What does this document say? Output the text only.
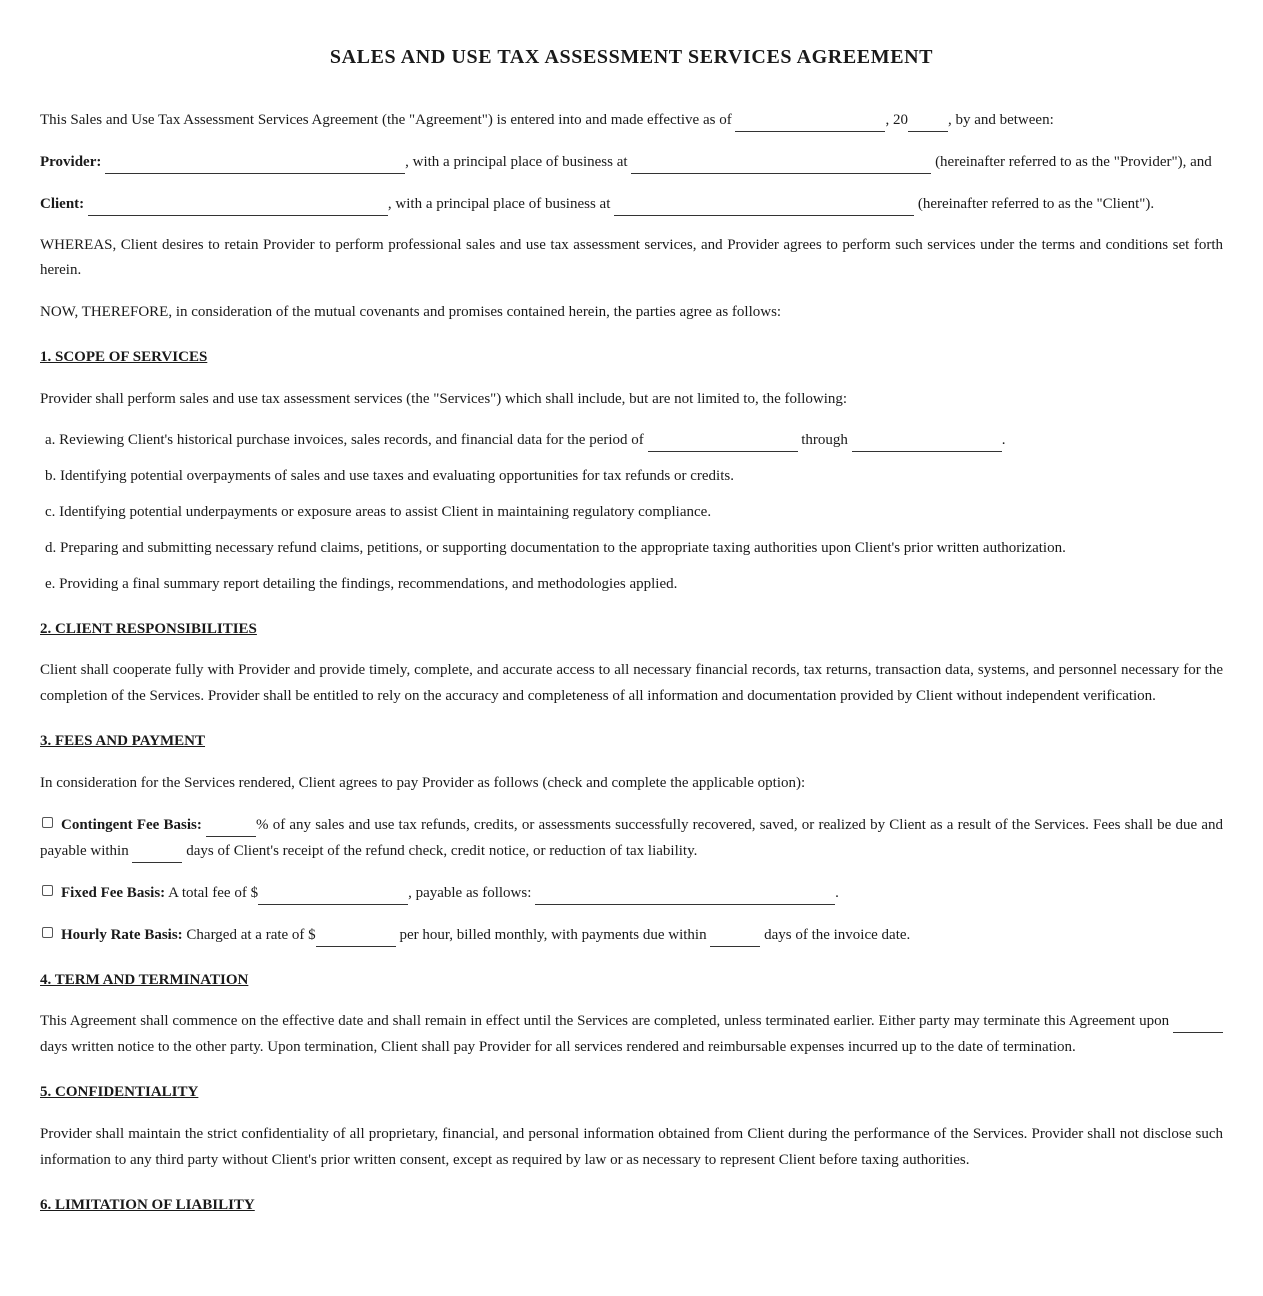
SALES AND USE TAX ASSESSMENT SERVICES AGREEMENT

This Sales and Use Tax Assessment Services Agreement (the "Agreement") is entered into and made effective as of	, 20	, by and between:

Provider:	, with a principal place of business at	(hereinafter referred to as the "Provider"), and

Client:	, with a principal place of business at	(hereinafter referred to as the "Client").

WHEREAS, Client desires to retain Provider to perform professional sales and use tax assessment services, and Provider agrees to perform such services under the terms and conditions set forth herein.

NOW, THEREFORE, in consideration of the mutual covenants and promises contained herein, the parties agree as follows:

1. SCOPE OF SERVICES

Provider shall perform sales and use tax assessment services (the "Services") which shall include, but are not limited to, the following:

a. Reviewing Client's historical purchase invoices, sales records, and financial data for the period of	through	.

b. Identifying potential overpayments of sales and use taxes and evaluating opportunities for tax refunds or credits.

c. Identifying potential underpayments or exposure areas to assist Client in maintaining regulatory compliance.

d. Preparing and submitting necessary refund claims, petitions, or supporting documentation to the appropriate taxing authorities upon Client's prior written authorization.

e. Providing a final summary report detailing the findings, recommendations, and methodologies applied.

2. CLIENT RESPONSIBILITIES

Client shall cooperate fully with Provider and provide timely, complete, and accurate access to all necessary financial records, tax returns, transaction data, systems, and personnel necessary for the completion of the Services. Provider shall be entitled to rely on the accuracy and completeness of all information and documentation provided by Client without independent verification.

3. FEES AND PAYMENT

In consideration for the Services rendered, Client agrees to pay Provider as follows (check and complete the applicable option):

Contingent Fee Basis:	% of any sales and use tax refunds, credits, or assessments successfully recovered, saved, or realized by Client as a result of the Services. Fees shall be due and payable within	days of Client's receipt of the refund check, credit notice, or reduction of tax liability.

Fixed Fee Basis: A total fee of $	, payable as follows:	.

Hourly Rate Basis: Charged at a rate of $	per hour, billed monthly, with payments due within	days of the invoice date.

4. TERM AND TERMINATION

This Agreement shall commence on the effective date and shall remain in effect until the Services are completed, unless terminated earlier. Either party may terminate this Agreement upon  days written notice to the other party. Upon termination, Client shall pay Provider for all services rendered and reimbursable expenses incurred up to the date of termination.

5. CONFIDENTIALITY

Provider shall maintain the strict confidentiality of all proprietary, financial, and personal information obtained from Client during the performance of the Services. Provider shall not disclose such information to any third party without Client's prior written consent, except as required by law or as necessary to represent Client before taxing authorities.

6. LIMITATION OF LIABILITY
